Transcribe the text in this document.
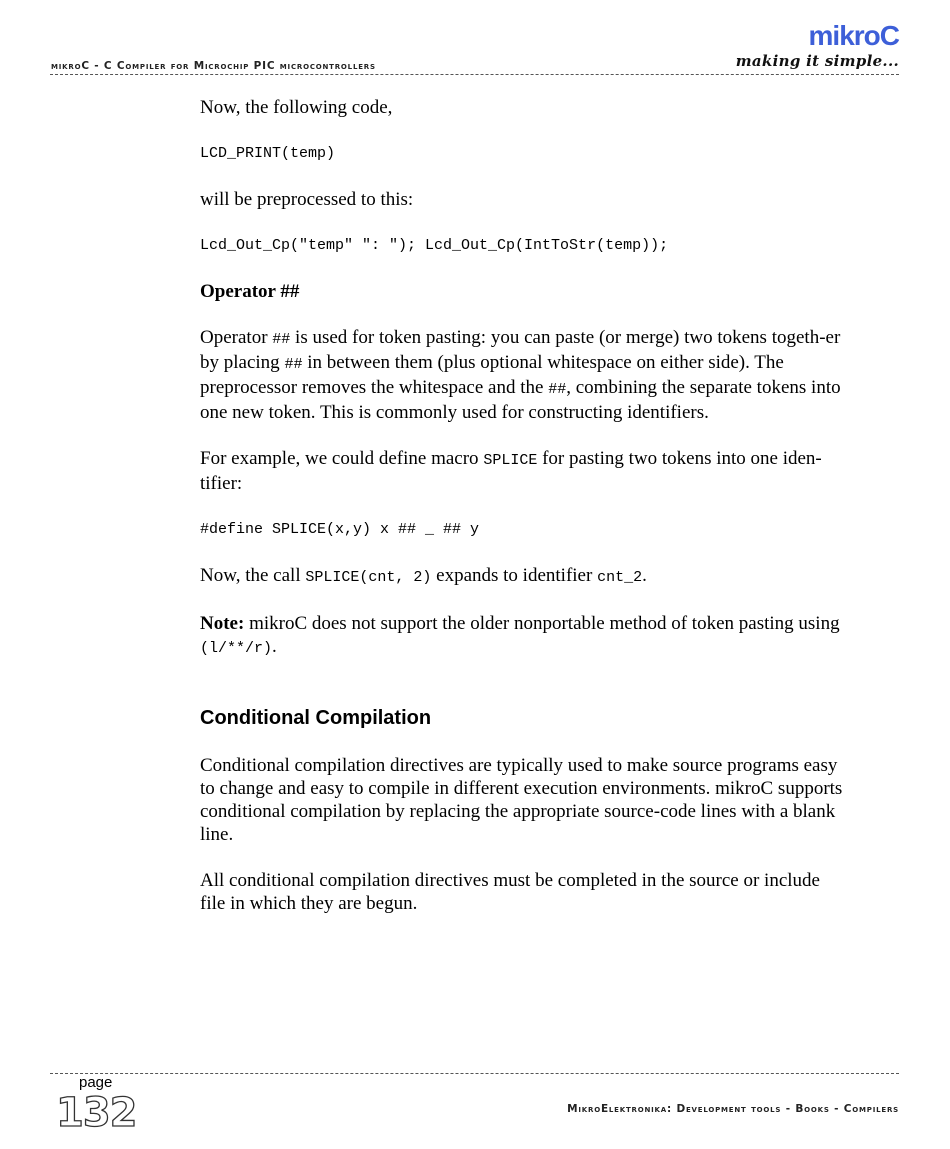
mikroC - C Compiler for Microchip PIC microcontrollers
mikroC
making it simple...

Now, the following code,

LCD_PRINT(temp)

will be preprocessed to this:

Lcd_Out_Cp("temp" ": "); Lcd_Out_Cp(IntToStr(temp));

Operator ##

Operator ## is used for token pasting: you can paste (or merge) two tokens togeth-er by placing ## in between them (plus optional whitespace on either side). The preprocessor removes the whitespace and the ##, combining the separate tokens into one new token. This is commonly used for constructing identifiers.

For example, we could define macro SPLICE for pasting two tokens into one iden-tifier:

#define SPLICE(x,y) x ## _ ## y

Now, the call SPLICE(cnt, 2) expands to identifier cnt_2.

Note: mikroC does not support the older nonportable method of token pasting using (l/**/r).

Conditional Compilation

Conditional compilation directives are typically used to make source programs easy to change and easy to compile in different execution environments. mikroC supports conditional compilation by replacing the appropriate source-code lines with a blank line.

All conditional compilation directives must be completed in the source or include file in which they are begun.

page
132	MikroElektronika: Development tools - Books - Compilers
